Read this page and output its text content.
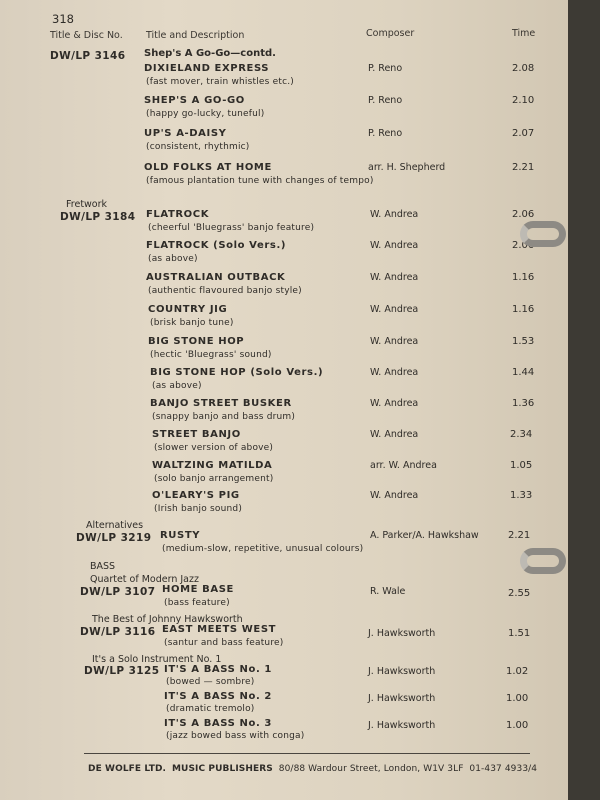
318
Title & Disc No. Title and Description	Composer	Time
DW/LP 3146 Shep's A Go-Go—contd.
DIXIELAND EXPRESS
(fast mover, train whistles etc.)
P. Reno	2.08
SHEP'S A GO-GO
(happy go-lucky, tuneful)
P. Reno	2.10
UP'S A-DAISY
(consistent, rhythmic)
P. Reno	2.07
OLD FOLKS AT HOME
(famous plantation tune with changes of tempo)
arr. H. Shepherd	2.21
Fretwork
DW/LP 3184 FLATROCK
(cheerful 'Bluegrass' banjo feature)
W. Andrea	2.06
FLATROCK (Solo Vers.)
(as above)
W. Andrea	2.06
AUSTRALIAN OUTBACK
(authentic flavoured banjo style)
W. Andrea	1.16
COUNTRY JIG
(brisk banjo tune)
W. Andrea	1.16
BIG STONE HOP
(hectic 'Bluegrass' sound)
W. Andrea	1.53
BIG STONE HOP (Solo Vers.)
(as above)
W. Andrea	1.44
BANJO STREET BUSKER
(snappy banjo and bass drum)
W. Andrea	1.36
STREET BANJO
(slower version of above)
W. Andrea	2.34
WALTZING MATILDA
(solo banjo arrangement)
arr. W. Andrea	1.05
O'LEARY'S PIG
(Irish banjo sound)
W. Andrea	1.33
Alternatives
DW/LP 3219 RUSTY
(medium-slow, repetitive, unusual colours)
A. Parker/A. Hawkshaw	2.21
BASS
Quartet of Modern Jazz
DW/LP 3107 HOME BASE
(bass feature)
R. Wale	2.55
The Best of Johnny Hawksworth
DW/LP 3116 EAST MEETS WEST
(santur and bass feature)
J. Hawksworth	1.51
It's a Solo Instrument No. 1
DW/LP 3125 IT'S A BASS No. 1
(bowed — sombre)
J. Hawksworth	1.02
IT'S A BASS No. 2
(dramatic tremolo)
J. Hawksworth	1.00
IT'S A BASS No. 3
(jazz bowed bass with conga)
J. Hawksworth	1.00
DE WOLFE LTD. MUSIC PUBLISHERS 80/88 Wardour Street, London, W1V 3LF 01-437 4933/4
